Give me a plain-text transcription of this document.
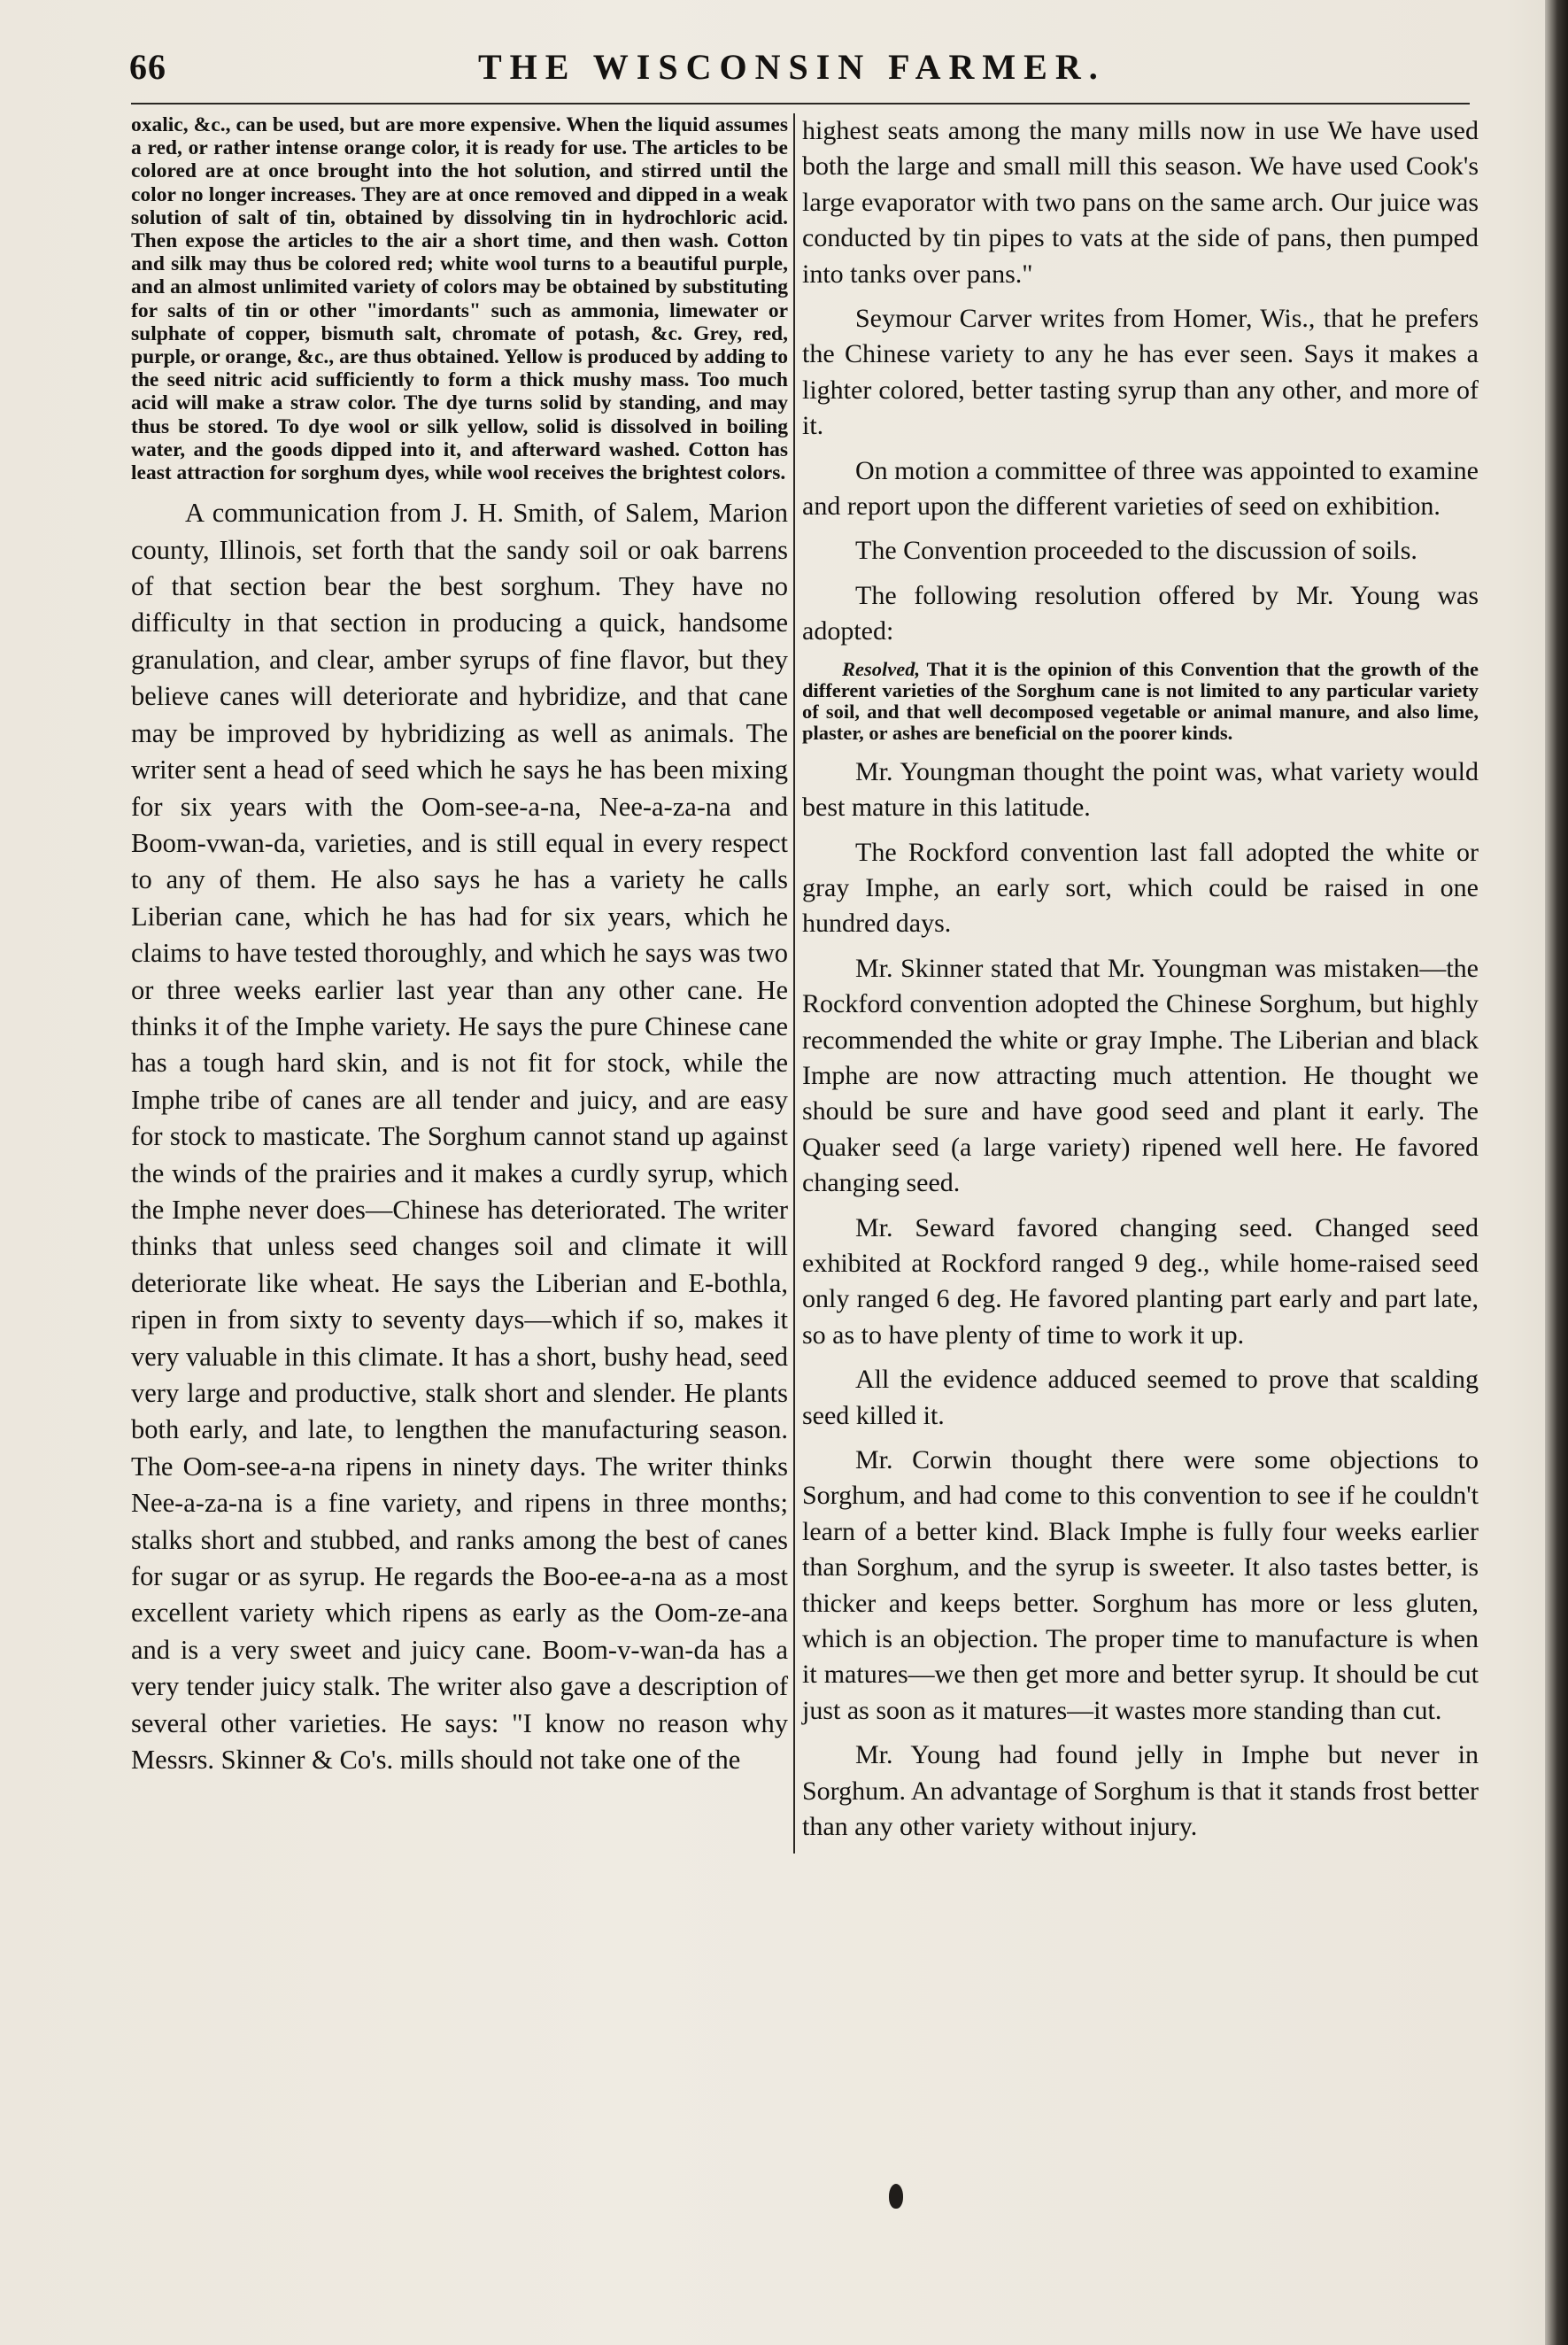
66	THE WISCONSIN FARMER.

oxalic, &c., can be used, but are more expensive. When the liquid assumes a red, or rather intense orange color, it is ready for use. The articles to be colored are at once brought into the hot solution, and stirred until the color no longer increases. They are at once removed and dipped in a weak solution of salt of tin, obtained by dissolving tin in hydrochloric acid. Then expose the articles to the air a short time, and then wash. Cotton and silk may thus be colored red; white wool turns to a beautiful purple, and an almost unlimited variety of colors may be obtained by substituting for salts of tin or other "imordants" such as ammonia, limewater or sulphate of copper, bismuth salt, chromate of potash, &c. Grey, red, purple, or orange, &c., are thus obtained. Yellow is produced by adding to the seed nitric acid sufficiently to form a thick mushy mass. Too much acid will make a straw color. The dye turns solid by standing, and may thus be stored. To dye wool or silk yellow, solid is dissolved in boiling water, and the goods dipped into it, and afterward washed. Cotton has least attraction for sorghum dyes, while wool receives the brightest colors.

A communication from J. H. Smith, of Salem, Marion county, Illinois, set forth that the sandy soil or oak barrens of that section bear the best sorghum. They have no difficulty in that section in producing a quick, handsome granulation, and clear, amber syrups of fine flavor, but they believe canes will deteriorate and hybridize, and that cane may be improved by hybridizing as well as animals. The writer sent a head of seed which he says he has been mixing for six years with the Oom-see-a-na, Nee-a-za-na and Boom-vwan-da, varieties, and is still equal in every respect to any of them. He also says he has a variety he calls Liberian cane, which he has had for six years, which he claims to have tested thoroughly, and which he says was two or three weeks earlier last year than any other cane. He thinks it of the Imphe variety. He says the pure Chinese cane has a tough hard skin, and is not fit for stock, while the Imphe tribe of canes are all tender and juicy, and are easy for stock to masticate. The Sorghum cannot stand up against the winds of the prairies and it makes a curdly syrup, which the Imphe never does—Chinese has deteriorated. The writer thinks that unless seed changes soil and climate it will deteriorate like wheat. He says the Liberian and E-bothla, ripen in from sixty to seventy days—which if so, makes it very valuable in this climate. It has a short, bushy head, seed very large and productive, stalk short and slender. He plants both early, and late, to lengthen the manufacturing season. The Oom-see-a-na ripens in ninety days. The writer thinks Nee-a-za-na is a fine variety, and ripens in three months; stalks short and stubbed, and ranks among the best of canes for sugar or as syrup. He regards the Boo-ee-a-na as a most excellent variety which ripens as early as the Oom-ze-ana and is a very sweet and juicy cane. Boom-v-wan-da has a very tender juicy stalk. The writer also gave a description of several other varieties. He says: "I know no reason why Messrs. Skinner & Co's. mills should not take one of the

highest seats among the many mills now in use We have used both the large and small mill this season. We have used Cook's large evaporator with two pans on the same arch. Our juice was conducted by tin pipes to vats at the side of pans, then pumped into tanks over pans."

Seymour Carver writes from Homer, Wis., that he prefers the Chinese variety to any he has ever seen. Says it makes a lighter colored, better tasting syrup than any other, and more of it.

On motion a committee of three was appointed to examine and report upon the different varieties of seed on exhibition.

The Convention proceeded to the discussion of soils.

The following resolution offered by Mr. Young was adopted:

Resolved, That it is the opinion of this Convention that the growth of the different varieties of the Sorghum cane is not limited to any particular variety of soil, and that well decomposed vegetable or animal manure, and also lime, plaster, or ashes are beneficial on the poorer kinds.

Mr. Youngman thought the point was, what variety would best mature in this latitude.

The Rockford convention last fall adopted the white or gray Imphe, an early sort, which could be raised in one hundred days.

Mr. Skinner stated that Mr. Youngman was mistaken—the Rockford convention adopted the Chinese Sorghum, but highly recommended the white or gray Imphe. The Liberian and black Imphe are now attracting much attention. He thought we should be sure and have good seed and plant it early. The Quaker seed (a large variety) ripened well here. He favored changing seed.

Mr. Seward favored changing seed. Changed seed exhibited at Rockford ranged 9 deg., while home-raised seed only ranged 6 deg. He favored planting part early and part late, so as to have plenty of time to work it up.

All the evidence adduced seemed to prove that scalding seed killed it.

Mr. Corwin thought there were some objections to Sorghum, and had come to this convention to see if he couldn't learn of a better kind. Black Imphe is fully four weeks earlier than Sorghum, and the syrup is sweeter. It also tastes better, is thicker and keeps better. Sorghum has more or less gluten, which is an objection. The proper time to manufacture is when it matures—we then get more and better syrup. It should be cut just as soon as it matures—it wastes more standing than cut.

Mr. Young had found jelly in Imphe but never in Sorghum. An advantage of Sorghum is that it stands frost better than any other variety without injury.
